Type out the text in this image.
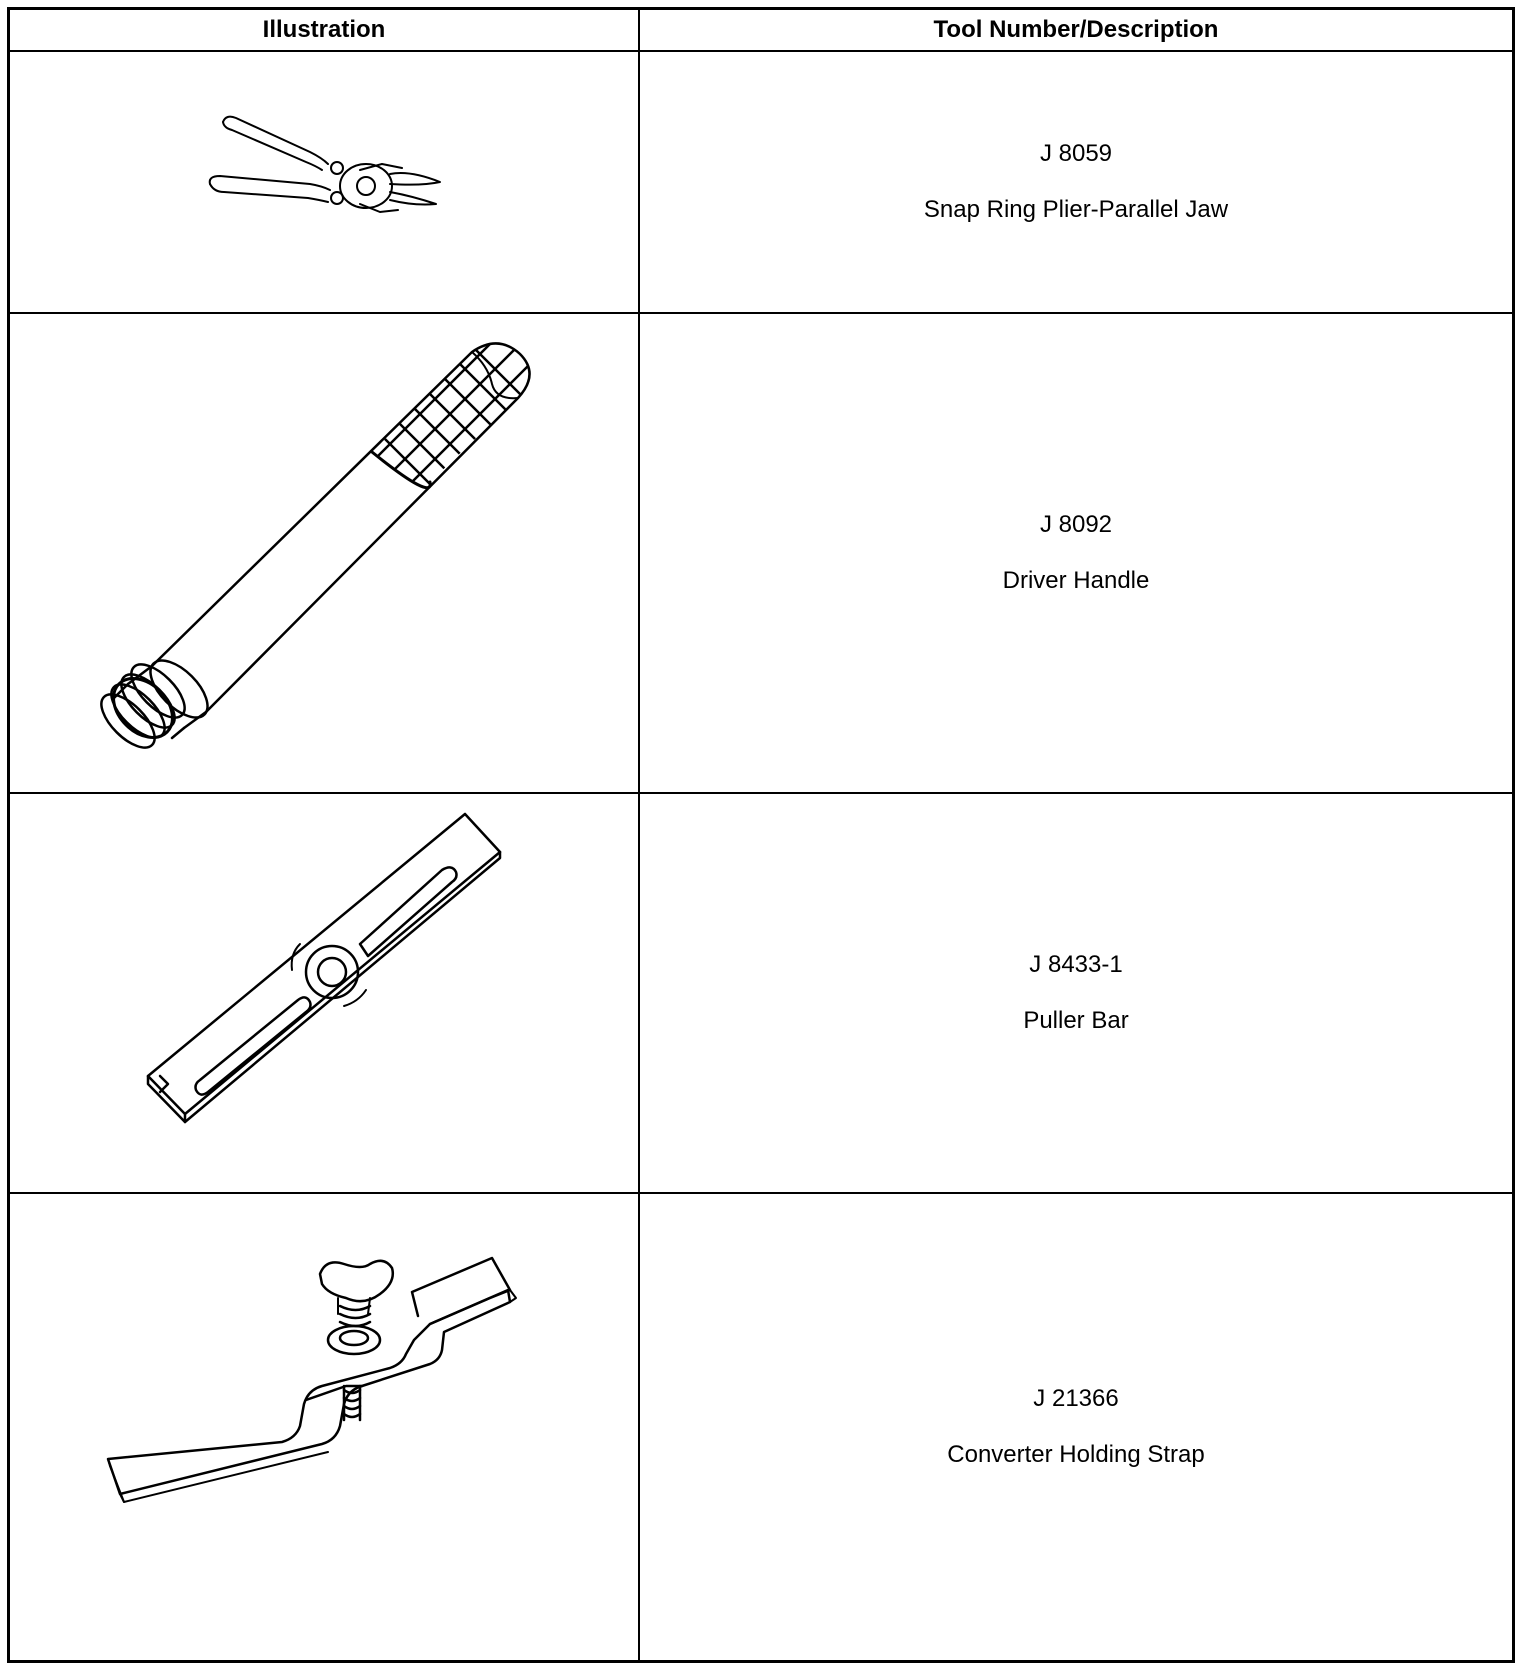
Illustration	Tool Number/Description
J 8059
Snap Ring Plier-Parallel Jaw
J 8092
Driver Handle
J 8433-1
Puller Bar
J 21366
Converter Holding Strap
